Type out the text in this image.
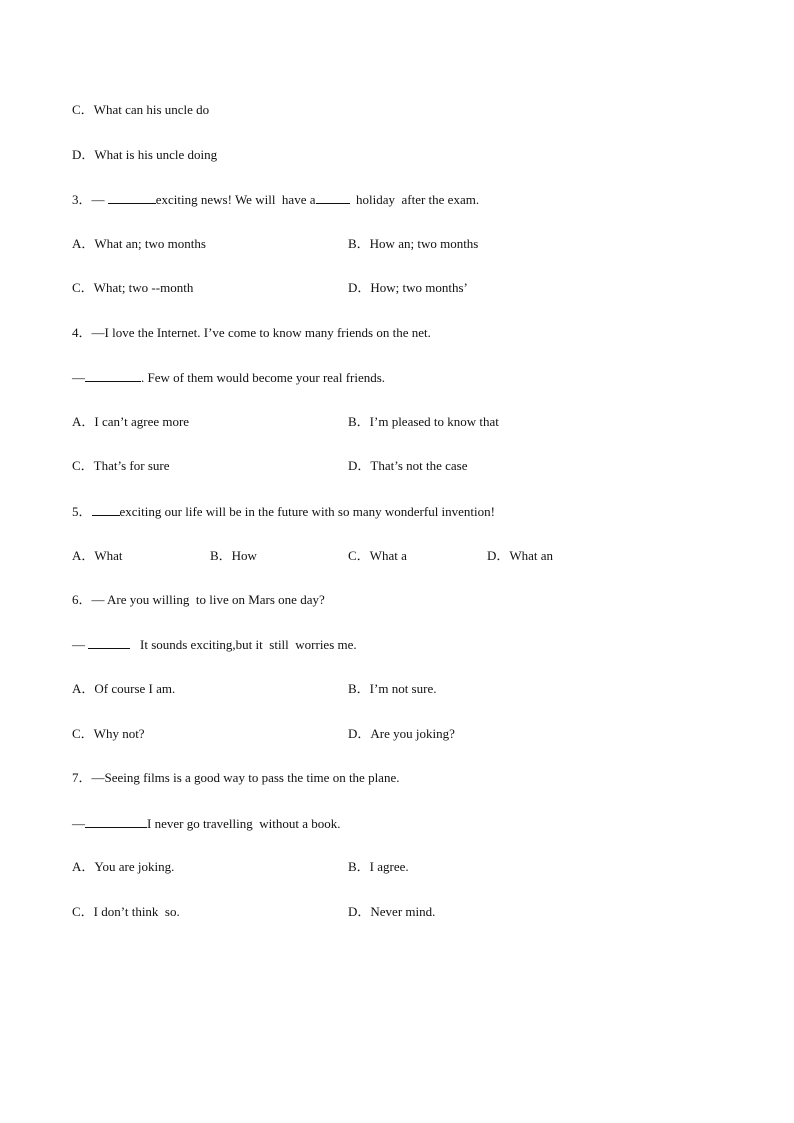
C．What can his uncle do
D．What is his uncle doing
3．—	exciting news! We will  have a	holiday  after the exam.
A．What an; two months	B．How an; two months
C．What; two --month	D．How; two months’
4．—I love the Internet. I’ve come to know many friends on the net.
—	. Few of them would become your real friends.
A．I can’t agree more	B．I’m pleased to know that
C．That’s for sure	D．That’s not the case
5． exciting our life will be in the future with so many wonderful invention!
A．What	B．How	C．What a	D．What an
6．— Are you willing  to live on Mars one day?
—	It sounds exciting,but it  still  worries me.
A．Of course I am.	B．I’m not sure.
C．Why not?	D．Are you joking?
7．—Seeing films is a good way to pass the time on the plane.
—	I never go travelling  without a book.
A．You are joking.	B．I agree.
C．I don’t think  so.	D．Never mind.
